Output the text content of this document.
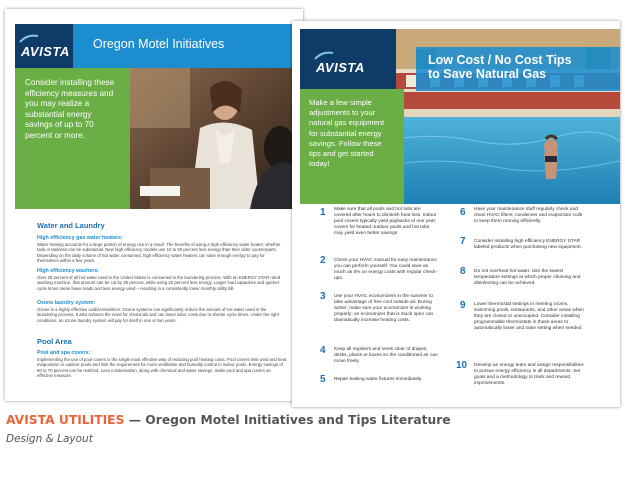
AVISTA Oregon Motel Initiatives
Consider installing these efficiency measures and you may realize a substantial energy savings of up to 70 percent or more.
Water and Laundry
High efficiency gas water heaters:
Water heating accounts for a large portion of energy use in a motel. The benefits of using a high efficiency water heater, whether tank or tankless can be substantial. New high efficiency models use 10 to 50 percent less energy than their older counterparts. Depending on the daily volume of hot water consumed, high efficiency water heaters can save enough energy to pay for themselves within a few years.
High efficiency washers:
Over 25 percent of all hot water used in the United States is consumed in the laundering process. With an ENERGY STAR rated washing machine, that amount can be cut by 35 percent, while using 20 percent less energy. Larger load capacities and quicker cycle times mean fewer loads and less energy used – resulting in a consistently lower monthly utility bill.
Ozone laundry system:
Ozone is a highly effective oxidizer/sanitizer. Ozone systems can significantly reduce the amount of hot water used in the laundering process. It also reduces the need for chemicals and can lower labor costs due to shorter cycle times. Under the right conditions, an ozone laundry system will pay for itself in one or two years.
Pool Area
Pool and spa covers:
Implementing the use of pool covers is the single most effective way of reducing pool heating costs. Pool covers limit wind and heat evaporation in outdoor pools and limit the requirement for room ventilation and humidity control in indoor pools. Energy savings of 50 to 70 percent can be realized. Less condensation, along with chemical and water savings, make pool and spa covers an effective measure.
AVISTA	Low Cost / No Cost Tips
to Save Natural Gas
Make a few simple adjustments to your natural gas equipment for substantial energy savings. Follow these tips and get started today!
1 Make sure that all pools and hot tubs are covered after hours to diminish heat loss. Indoor pool covers typically yield paybacks of one year; covers for heated outdoor pools and hot tubs may yield even better savings.
2 Check your HVAC manual for easy maintenance you can perform yourself. You could save as much as 5% on energy costs with regular check-ups.
3 Use your HVAC economizers in the summer to take advantage of free cool outside air. During winter, make sure your economizer is working properly; an economizer that is stuck open can dramatically increase heating costs.
4 Keep all registers and vents clear of drapes, desks, plants or boxes so the conditioned air can move freely.
5 Repair leaking water fixtures immediately.
6 Have your maintenance staff regularly check and clean HVAC filters, condenser and evaporator coils to keep them running efficiently.
7 Consider installing high efficiency ENERGY STAR labeled products when purchasing new equipment.
8 Do not overheat hot water. Use the lowest temperature settings at which proper cleaning and disinfecting can be achieved.
9 Lower thermostat settings in meeting rooms, swimming pools, restaurants, and other areas when they are closed or unoccupied. Consider installing programmable thermostats in these areas to automatically lower and raise setting when needed.
10 Develop an energy team and assign responsibilities to pursue energy efficiency in all departments. Set goals and a methodology to track and reward improvements.
AVISTA UTILITIES — Oregon Motel Initiatives and Tips Literature
Design & Layout
